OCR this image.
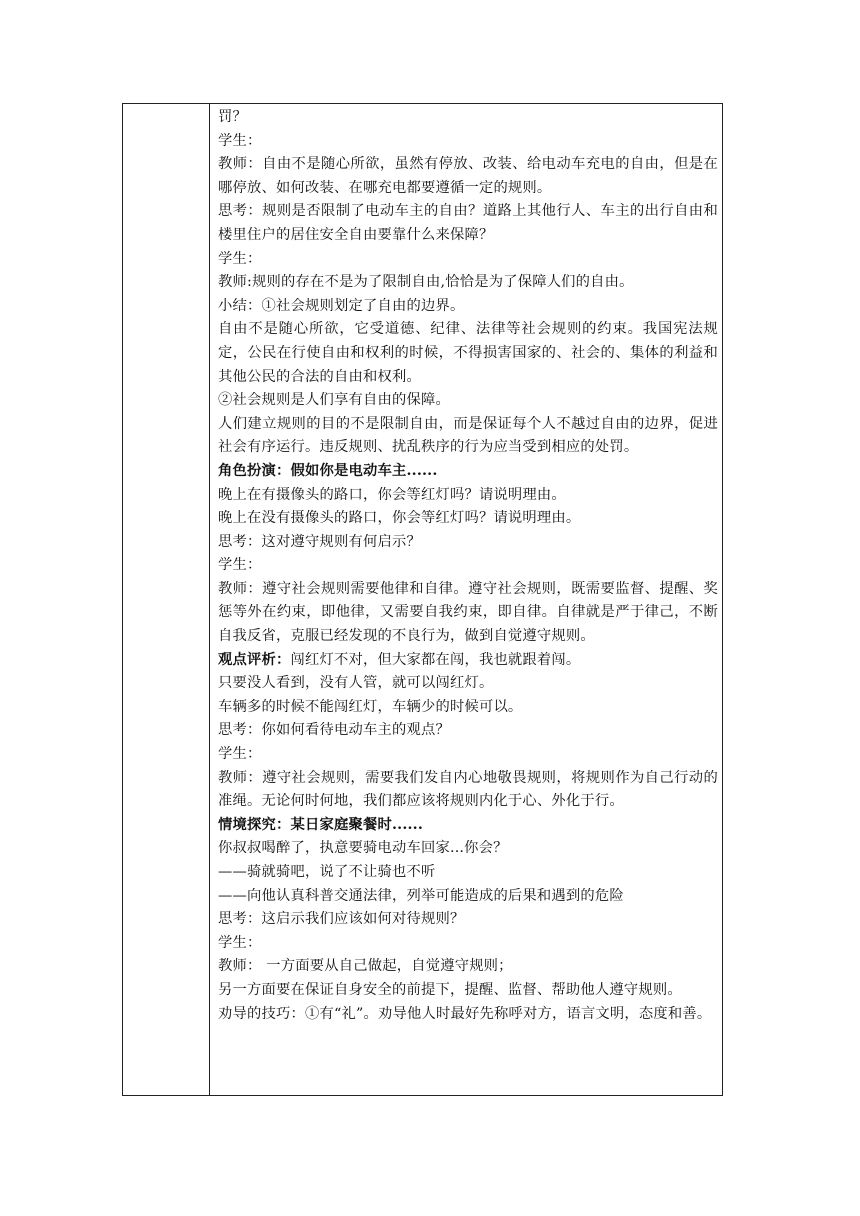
罚？

学生：

教师：自由不是随心所欲，虽然有停放、改装、给电动车充电的自由，但是在哪停放、如何改装、在哪充电都要遵循一定的规则。

思考：规则是否限制了电动车主的自由？道路上其他行人、车主的出行自由和楼里住户的居住安全自由要靠什么来保障？

学生：

教师:规则的存在不是为了限制自由,恰恰是为了保障人们的自由。

小结：①社会规则划定了自由的边界。

自由不是随心所欲，它受道德、纪律、法律等社会规则的约束。我国宪法规定，公民在行使自由和权利的时候，不得损害国家的、社会的、集体的利益和其他公民的合法的自由和权利。

②社会规则是人们享有自由的保障。

人们建立规则的目的不是限制自由，而是保证每个人不越过自由的边界，促进社会有序运行。违反规则、扰乱秩序的行为应当受到相应的处罚。

角色扮演：假如你是电动车主......

晚上在有摄像头的路口，你会等红灯吗？请说明理由。

晚上在没有摄像头的路口，你会等红灯吗？请说明理由。

思考：这对遵守规则有何启示？

学生：

教师：遵守社会规则需要他律和自律。遵守社会规则，既需要监督、提醒、奖惩等外在约束，即他律，又需要自我约束，即自律。自律就是严于律己，不断自我反省，克服已经发现的不良行为，做到自觉遵守规则。

观点评析：闯红灯不对，但大家都在闯，我也就跟着闯。

只要没人看到，没有人管，就可以闯红灯。

车辆多的时候不能闯红灯，车辆少的时候可以。

思考：你如何看待电动车主的观点？

学生：

教师：遵守社会规则，需要我们发自内心地敬畏规则，将规则作为自己行动的准绳。无论何时何地，我们都应该将规则内化于心、外化于行。

情境探究：某日家庭聚餐时......

你叔叔喝醉了，执意要骑电动车回家...你会？

——骑就骑吧，说了不让骑也不听

——向他认真科普交通法律，列举可能造成的后果和遇到的危险

思考：这启示我们应该如何对待规则？

学生：

教师： 一方面要从自己做起，自觉遵守规则；

另一方面要在保证自身安全的前提下，提醒、监督、帮助他人遵守规则。

劝导的技巧：①有“礼”。劝导他人时最好先称呼对方，语言文明，态度和善。
